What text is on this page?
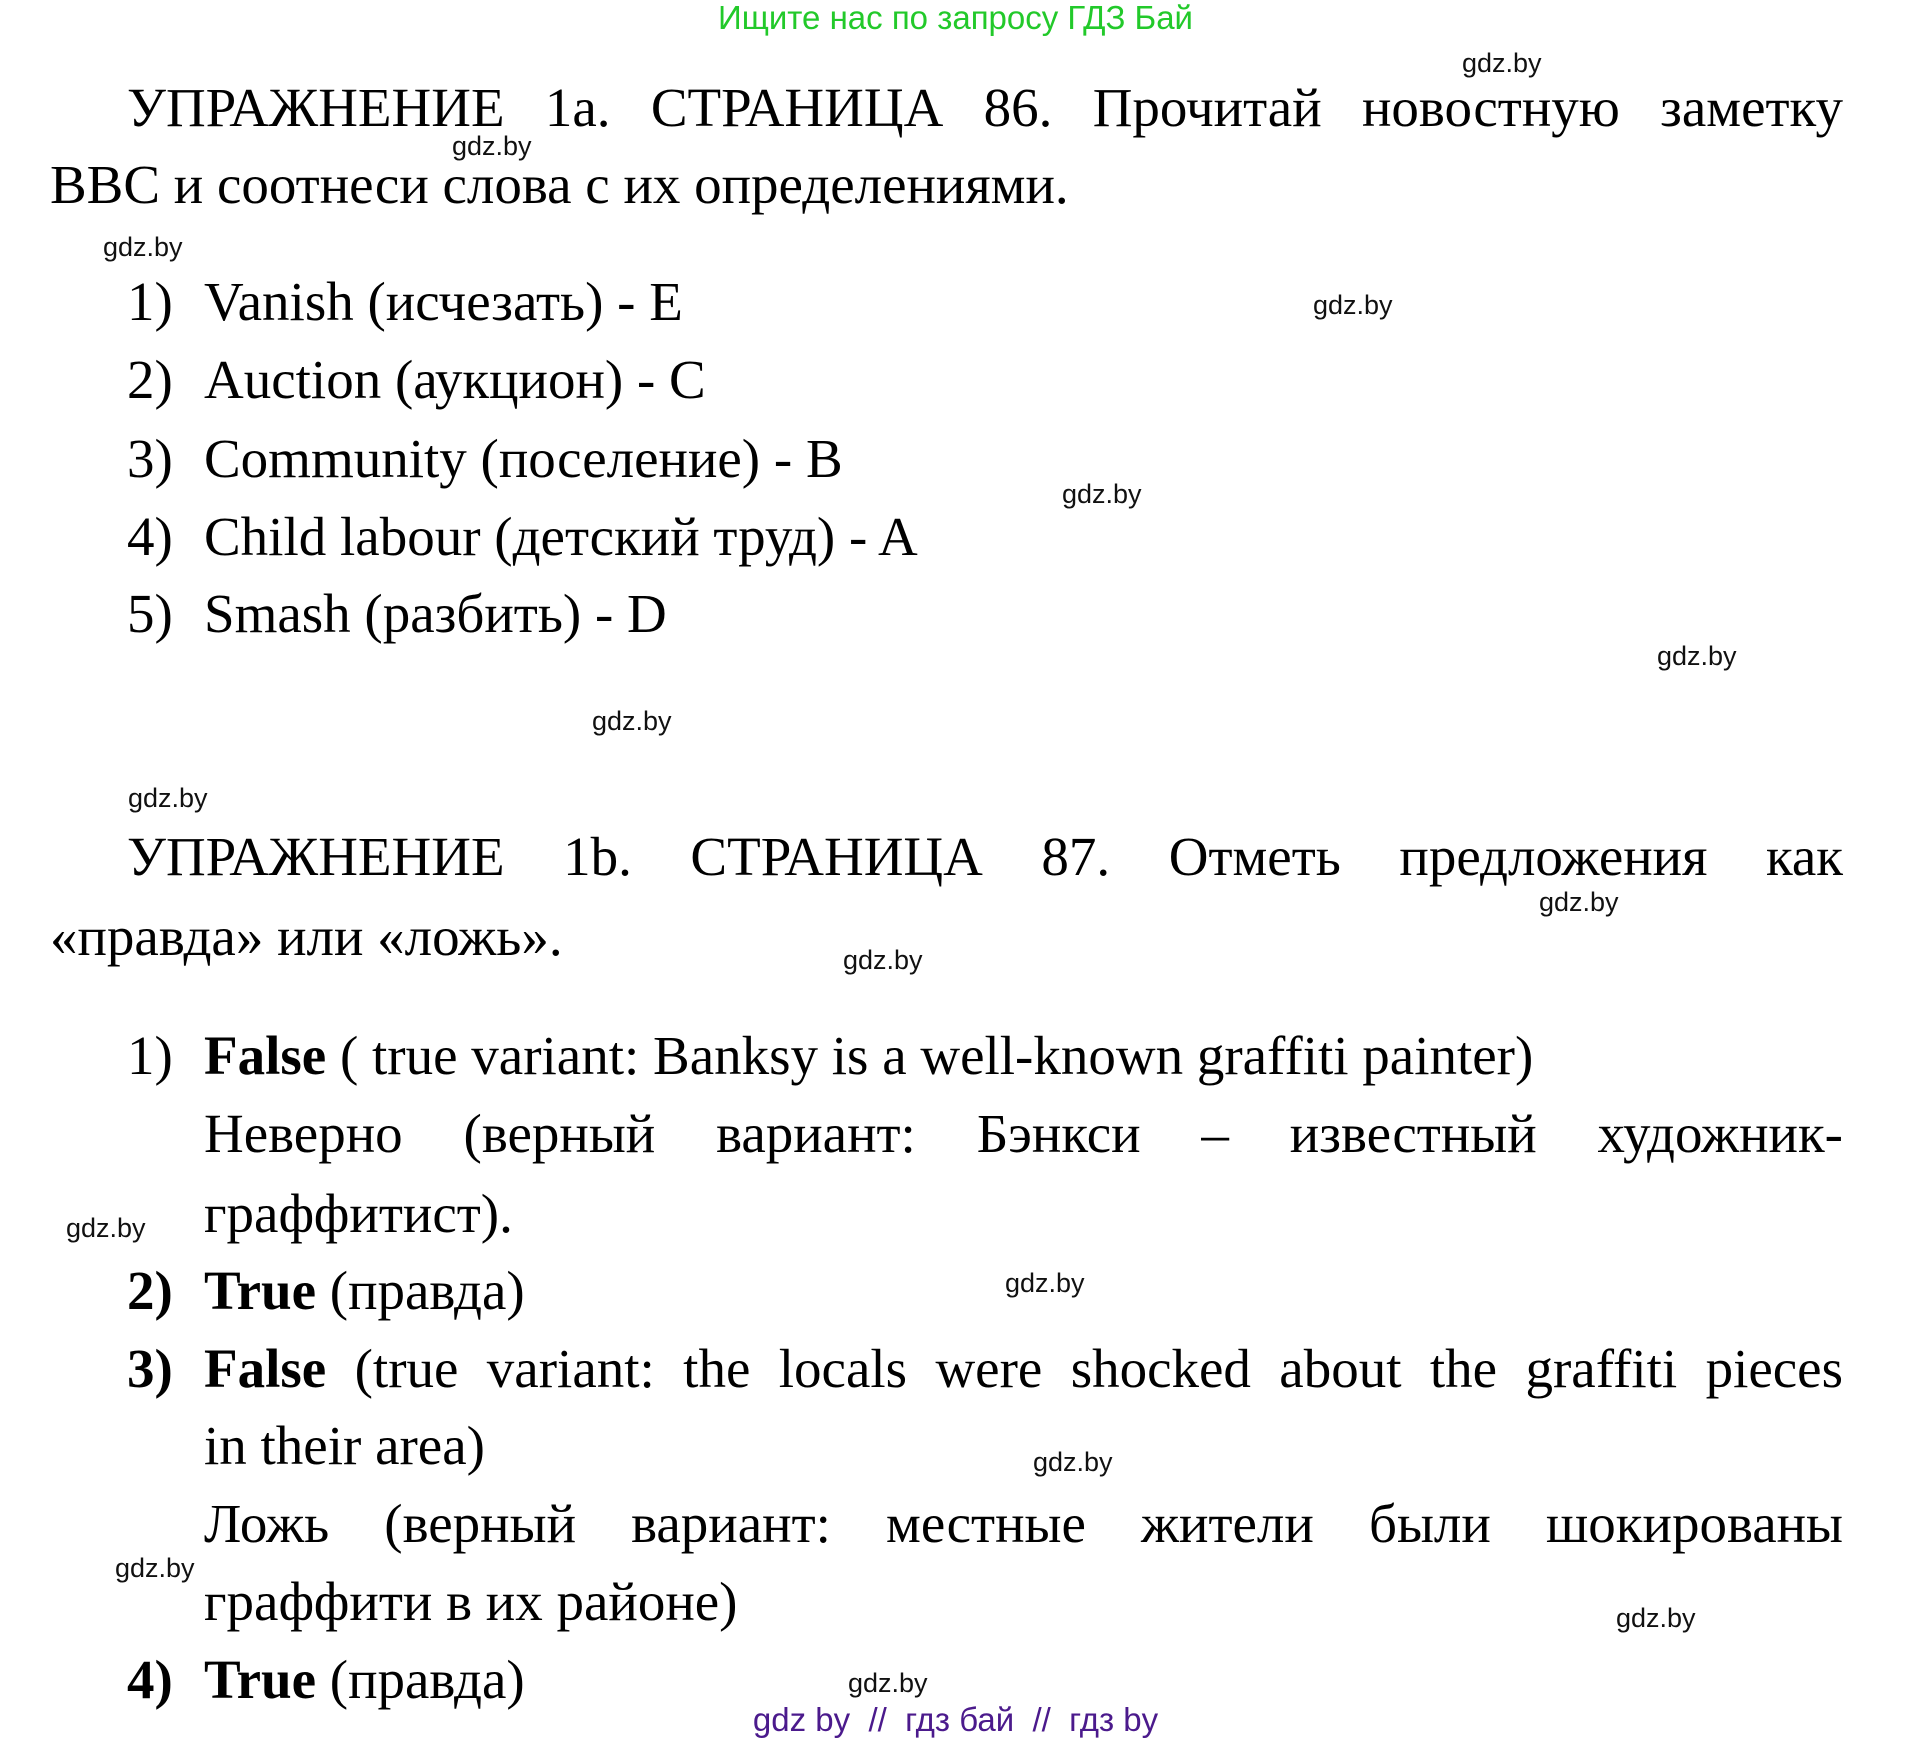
Ищите нас по запросу ГДЗ Бай
gdz.by
gdz.by
gdz.by
gdz.by
gdz.by
gdz.by
gdz.by
gdz.by
gdz.by
gdz.by
gdz.by
gdz.by
gdz.by
gdz.by
gdz.by
gdz.by
УПРАЖНЕНИЕ 1а. СТРАНИЦА 86. Прочитай новостную заметку
BBC и соотнеси слова с их определениями.
1) Vanish (исчезать) - E
2) Auction (аукцион) - C
3) Community (поселение) - B
4) Child labour (детский труд) - A
5) Smash (разбить) - D
УПРАЖНЕНИЕ 1b. СТРАНИЦА 87. Отметь предложения как
«правда» или «ложь».
1) False ( true variant: Banksy is a well-known graffiti painter)
Неверно (верный вариант: Бэнкси – известный художник-
граффитист).
2) True (правда)
3) False (true variant: the locals were shocked about the graffiti pieces
in their area)
Ложь (верный вариант: местные жители были шокированы
граффити в их районе)
4) True (правда)
gdz by  //  гдз бай  //  гдз by
